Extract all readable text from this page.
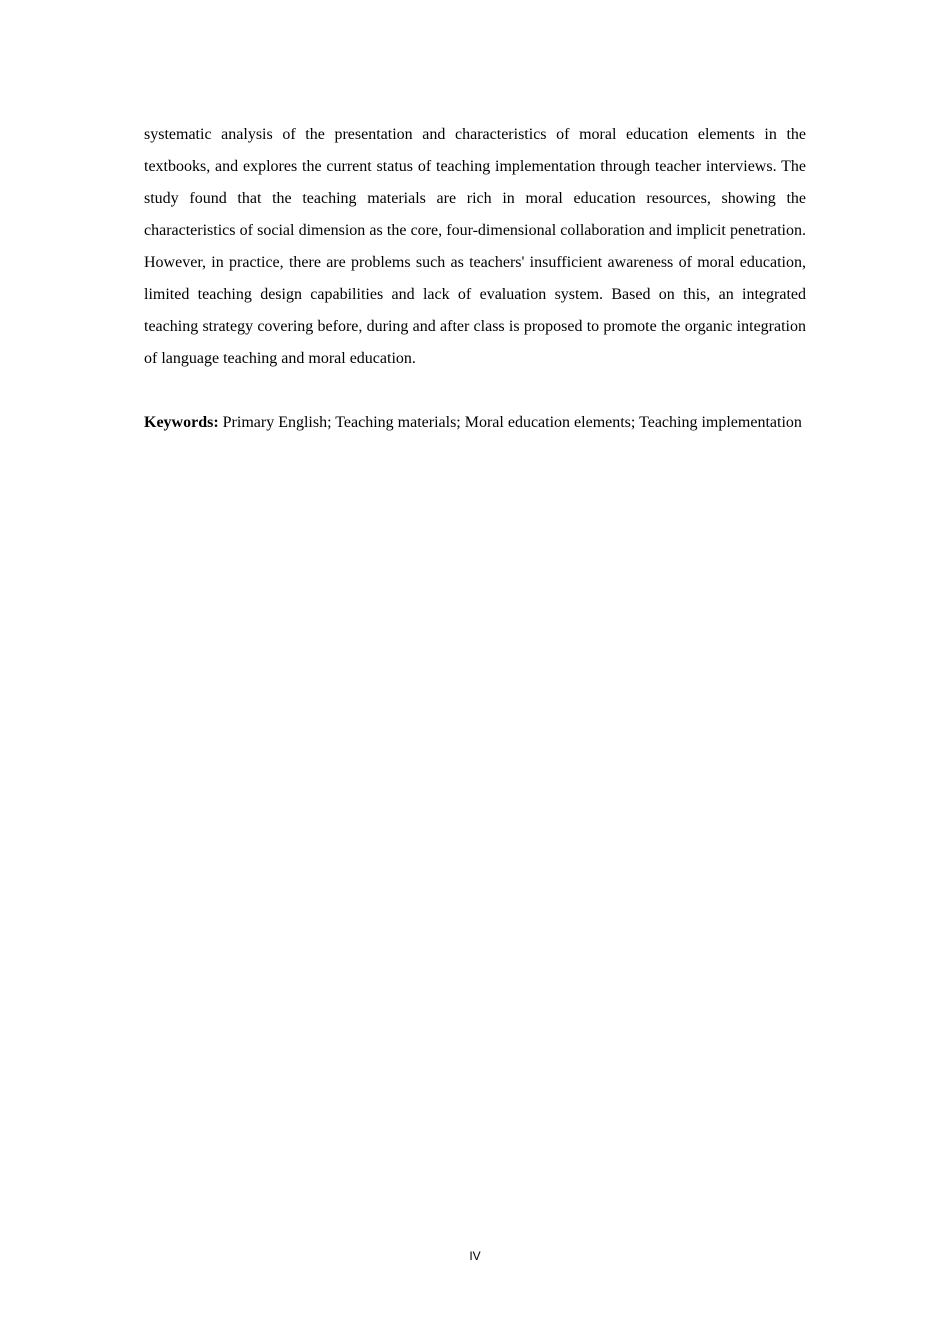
systematic analysis of the presentation and characteristics of moral education elements in the textbooks, and explores the current status of teaching implementation through teacher interviews. The study found that the teaching materials are rich in moral education resources, showing the characteristics of social dimension as the core, four-dimensional collaboration and implicit penetration. However, in practice, there are problems such as teachers' insufficient awareness of moral education, limited teaching design capabilities and lack of evaluation system. Based on this, an integrated teaching strategy covering before, during and after class is proposed to promote the organic integration of language teaching and moral education.

Keywords: Primary English; Teaching materials; Moral education elements; Teaching implementation

IV
